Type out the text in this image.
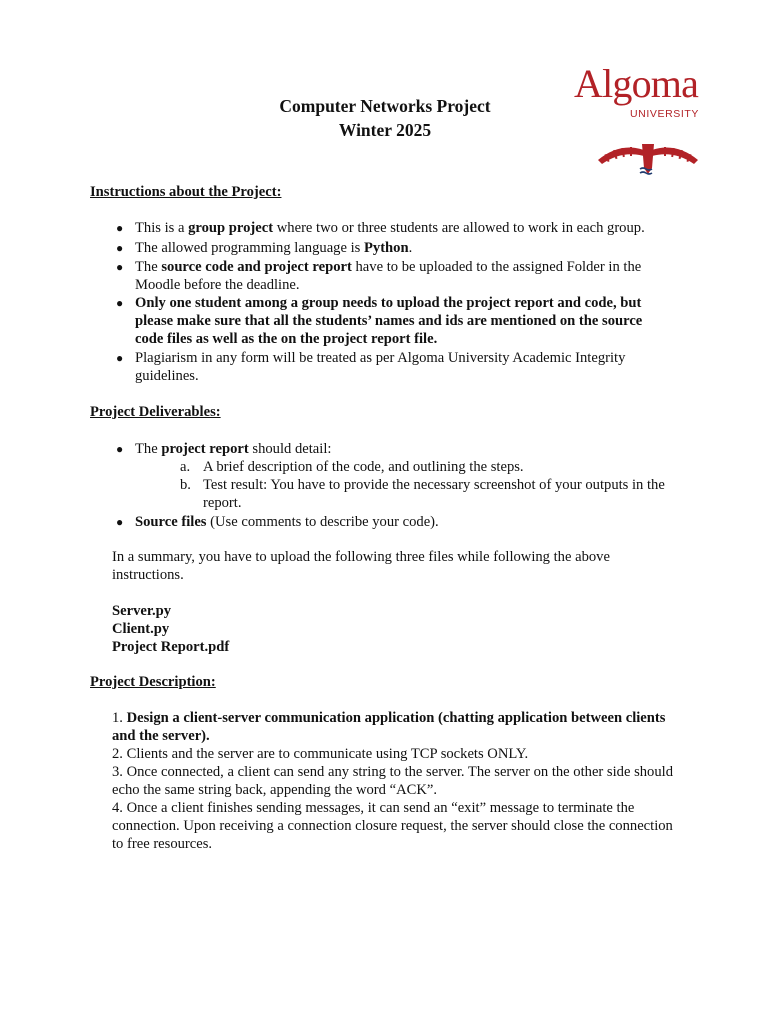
Computer Networks Project
Winter 2025
Algoma
UNIVERSITY
Instructions about the Project:
● This is a group project where two or three students are allowed to work in each group.
● The allowed programming language is Python.
● The source code and project report have to be uploaded to the assigned Folder in the
Moodle before the deadline.
● Only one student among a group needs to upload the project report and code, but
please make sure that all the students’ names and ids are mentioned on the source
code files as well as the on the project report file.
● Plagiarism in any form will be treated as per Algoma University Academic Integrity
guidelines.
Project Deliverables:
● The project report should detail:
a. A brief description of the code, and outlining the steps.
b. Test result: You have to provide the necessary screenshot of your outputs in the
report.
● Source files (Use comments to describe your code).
In a summary, you have to upload the following three files while following the above
instructions.
Server.py
Client.py
Project Report.pdf
Project Description:
1. Design a client-server communication application (chatting application between clients
and the server).
2. Clients and the server are to communicate using TCP sockets ONLY.
3. Once connected, a client can send any string to the server. The server on the other side should
echo the same string back, appending the word “ACK”.
4. Once a client finishes sending messages, it can send an “exit” message to terminate the
connection. Upon receiving a connection closure request, the server should close the connection
to free resources.
